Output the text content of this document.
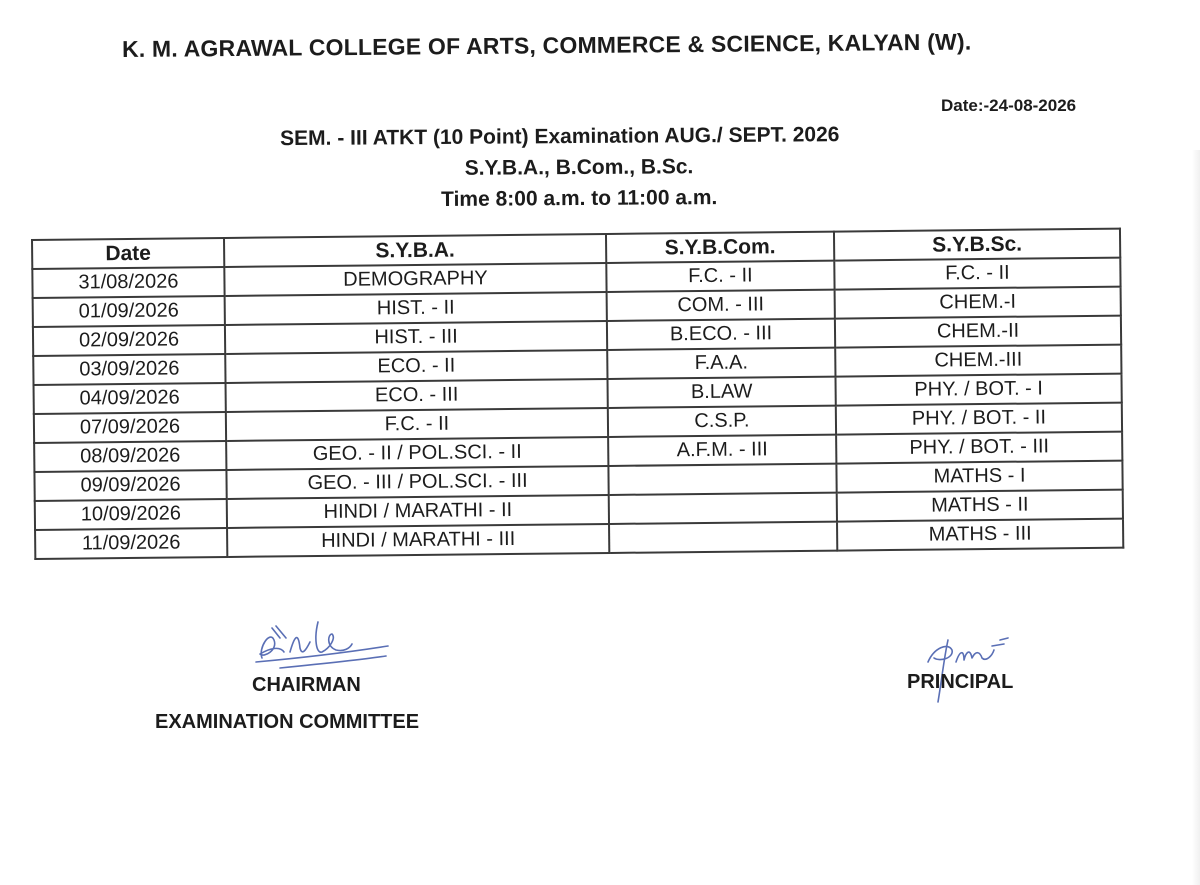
K. M. AGRAWAL COLLEGE OF ARTS, COMMERCE & SCIENCE, KALYAN (W).
Date:-24-08-2026
SEM. - III ATKT (10 Point) Examination AUG./ SEPT. 2026
S.Y.B.A., B.Com., B.Sc.
Time 8:00 a.m. to 11:00 a.m.
Date	S.Y.B.A.	S.Y.B.Com.	S.Y.B.Sc.
31/08/2026	DEMOGRAPHY	F.C. - II	F.C. - II
01/09/2026	HIST. - II	COM. - III	CHEM.-I
02/09/2026	HIST. - III	B.ECO. - III	CHEM.-II
03/09/2026	ECO. - II	F.A.A.	CHEM.-III
04/09/2026	ECO. - III	B.LAW	PHY. / BOT. - I
07/09/2026	F.C. - II	C.S.P.	PHY. / BOT. - II
08/09/2026	GEO. - II / POL.SCI. - II	A.F.M. - III	PHY. / BOT. - III
09/09/2026	GEO. - III / POL.SCI. - III		MATHS - I
10/09/2026	HINDI / MARATHI - II		MATHS - II
11/09/2026	HINDI / MARATHI - III		MATHS - III
CHAIRMAN
EXAMINATION COMMITTEE
PRINCIPAL
